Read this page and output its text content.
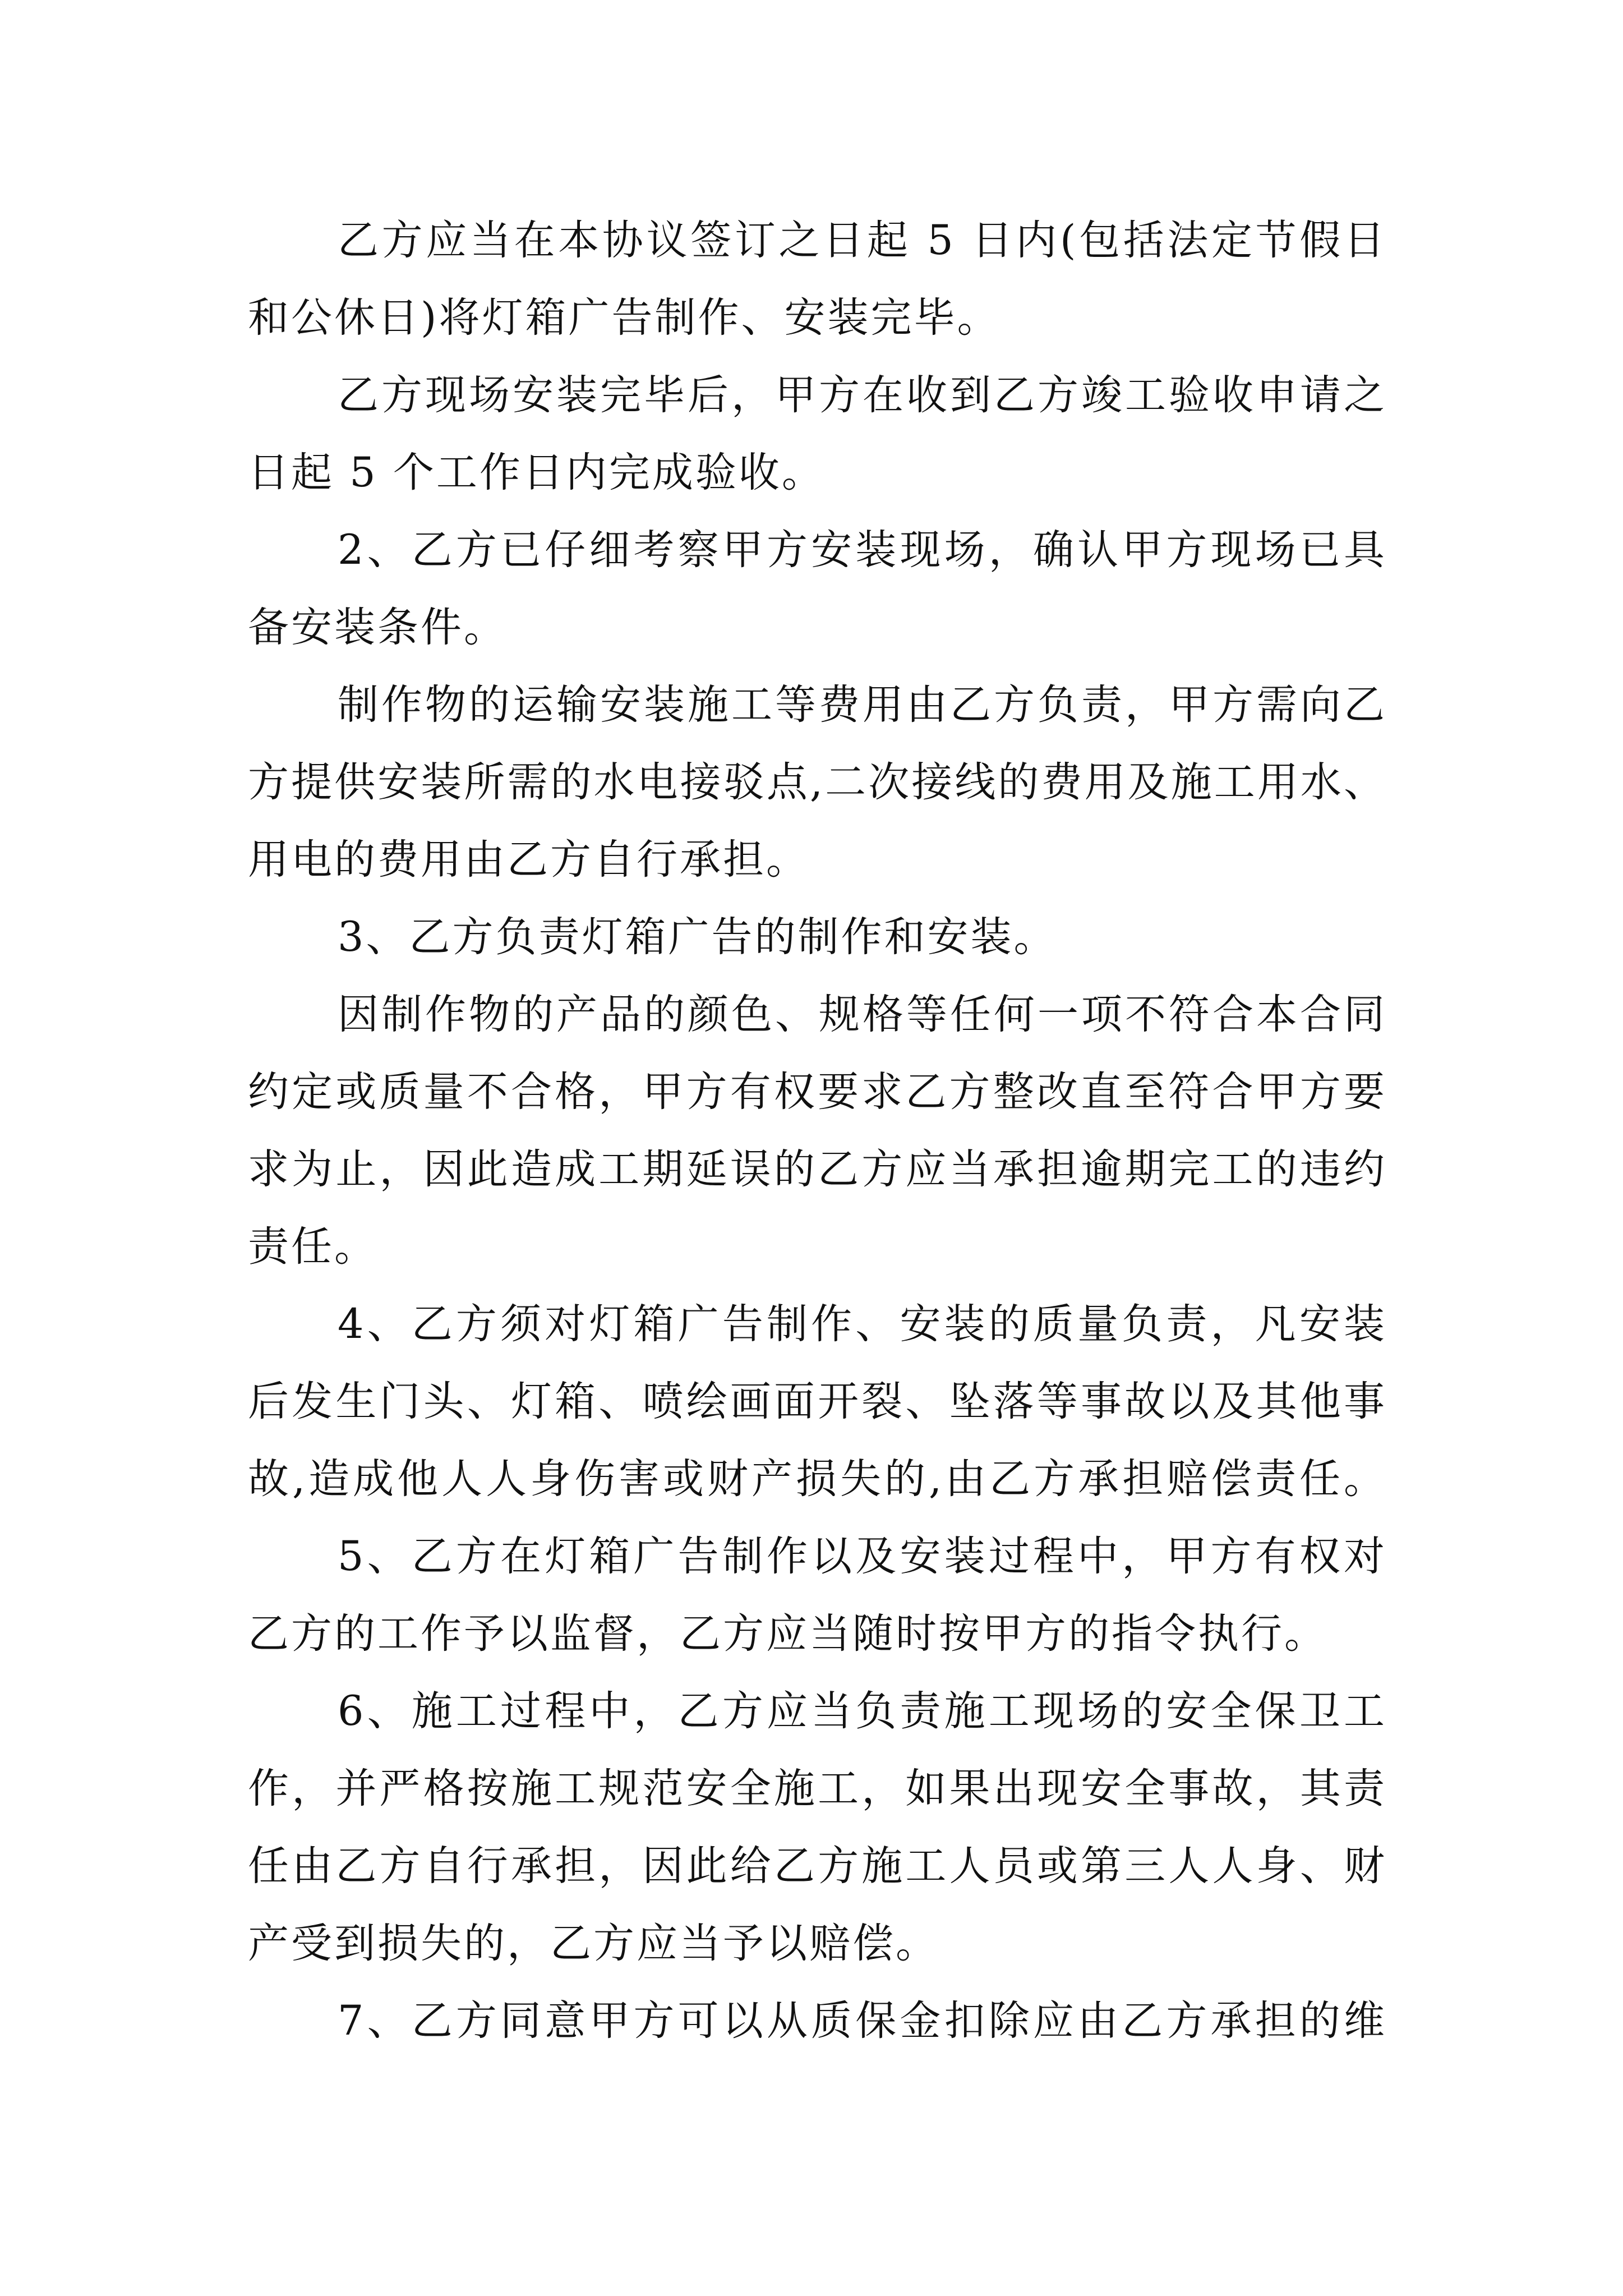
乙方应当在本协议签订之日起 5 日内(包括法定节假日
和公休日)将灯箱广告制作、安装完毕。
乙方现场安装完毕后，甲方在收到乙方竣工验收申请之
日起 5 个工作日内完成验收。
2、乙方已仔细考察甲方安装现场，确认甲方现场已具
备安装条件。
制作物的运输安装施工等费用由乙方负责，甲方需向乙
方提供安装所需的水电接驳点,二次接线的费用及施工用水、
用电的费用由乙方自行承担。
3、乙方负责灯箱广告的制作和安装。
因制作物的产品的颜色、规格等任何一项不符合本合同
约定或质量不合格，甲方有权要求乙方整改直至符合甲方要
求为止，因此造成工期延误的乙方应当承担逾期完工的违约
责任。
4、乙方须对灯箱广告制作、安装的质量负责，凡安装
后发生门头、灯箱、喷绘画面开裂、坠落等事故以及其他事
故,造成他人人身伤害或财产损失的,由乙方承担赔偿责任。
5、乙方在灯箱广告制作以及安装过程中，甲方有权对
乙方的工作予以监督，乙方应当随时按甲方的指令执行。
6、施工过程中，乙方应当负责施工现场的安全保卫工
作，并严格按施工规范安全施工，如果出现安全事故，其责
任由乙方自行承担，因此给乙方施工人员或第三人人身、财
产受到损失的，乙方应当予以赔偿。
7、乙方同意甲方可以从质保金扣除应由乙方承担的维
